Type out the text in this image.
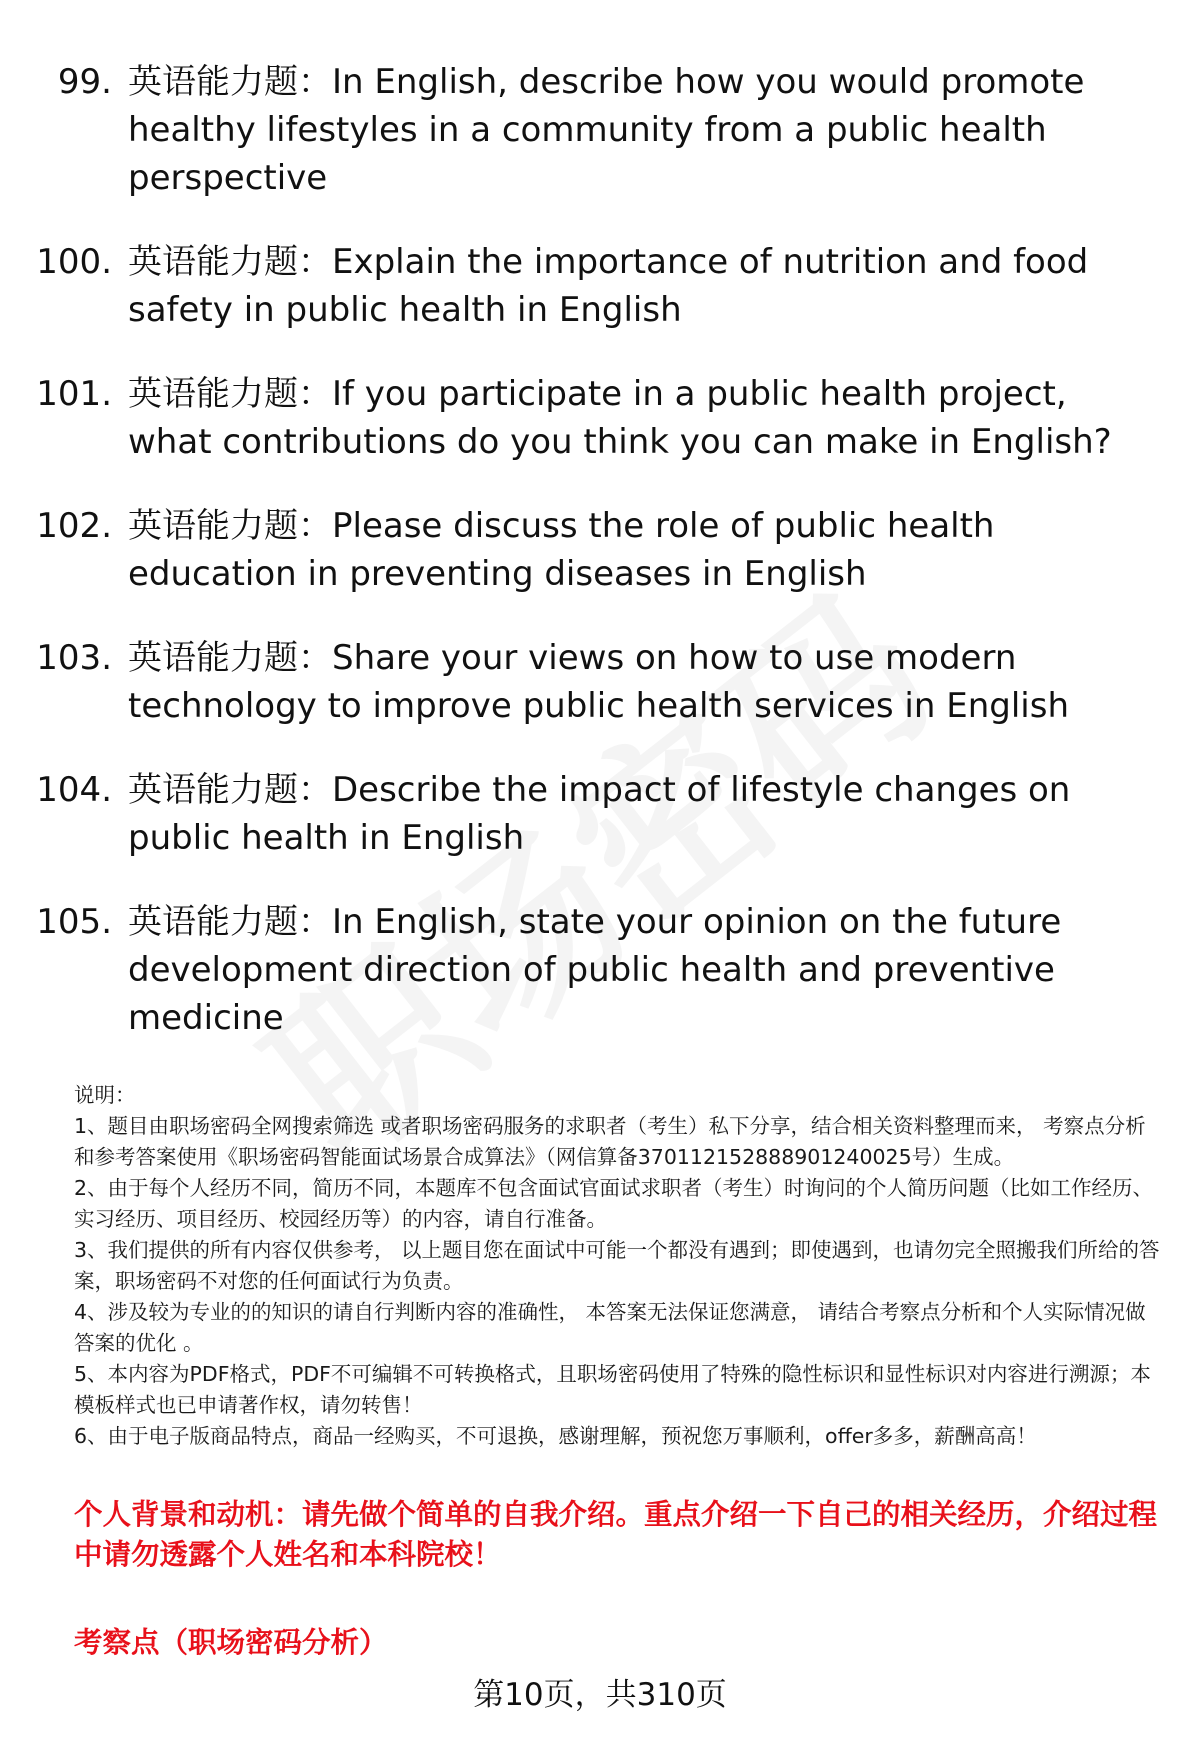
99. 英语能力题：In English, describe how you would promote healthy lifestyles in a community from a public health perspective
100. 英语能力题：Explain the importance of nutrition and food safety in public health in English
101. 英语能力题：If you participate in a public health project, what contributions do you think you can make in English?
102. 英语能力题：Please discuss the role of public health education in preventing diseases in English
103. 英语能力题：Share your views on how to use modern technology to improve public health services in English
104. 英语能力题：Describe the impact of lifestyle changes on public health in English
105. 英语能力题：In English, state your opinion on the future development direction of public health and preventive medicine

说明：

1、题目由职场密码全网搜索筛选 或者职场密码服务的求职者（考生）私下分享，结合相关资料整理而来， 考察点分析和参考答案使用《职场密码智能面试场景合成算法》（网信算备370112152888901240025号）生成。

2、由于每个人经历不同，简历不同，本题库不包含面试官面试求职者（考生）时询问的个人简历问题（比如工作经历、实习经历、项目经历、校园经历等）的内容，请自行准备。

3、我们提供的所有内容仅供参考， 以上题目您在面试中可能一个都没有遇到；即使遇到，也请勿完全照搬我们所给的答案，职场密码不对您的任何面试行为负责。

4、涉及较为专业的的知识的请自行判断内容的准确性， 本答案无法保证您满意， 请结合考察点分析和个人实际情况做答案的优化 。

5、本内容为PDF格式，PDF不可编辑不可转换格式，且职场密码使用了特殊的隐性标识和显性标识对内容进行溯源；本模板样式也已申请著作权，请勿转售！

6、由于电子版商品特点，商品一经购买，不可退换，感谢理解，预祝您万事顺利，offer多多，薪酬高高！

个人背景和动机：请先做个简单的自我介绍。重点介绍一下自己的相关经历，介绍过程中请勿透露个人姓名和本科院校！
考察点（职场密码分析）
第10页，共310页
